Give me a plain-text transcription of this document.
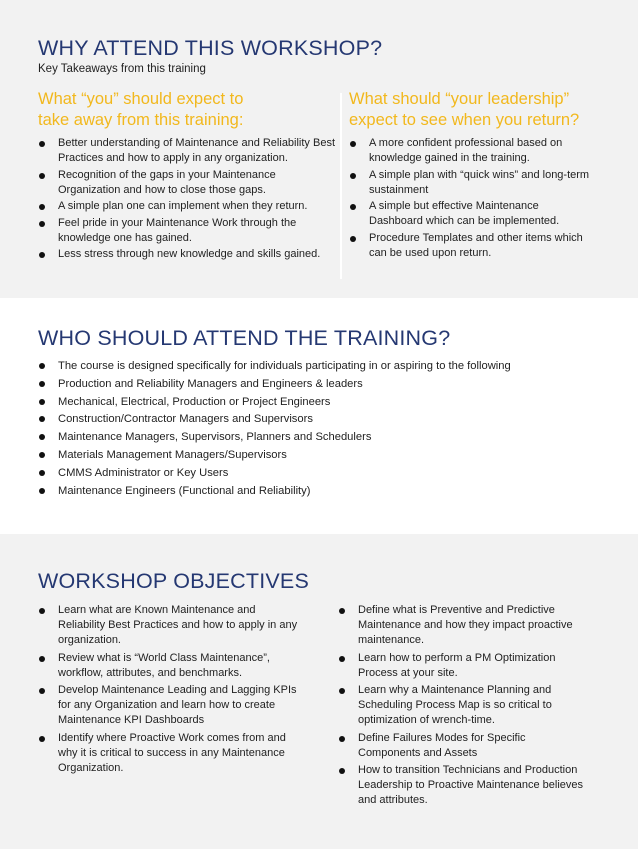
WHY ATTEND THIS WORKSHOP?
Key Takeaways from this training
What “you” should expect to
take away from this training:
What should “your leadership”
expect to see when you return?
Better understanding of Maintenance and Reliability Best Practices and how to apply in any organization.
Recognition of the gaps in your Maintenance Organization and how to close those gaps.
A simple plan one can implement when they return.
Feel pride in your Maintenance Work through the knowledge one has gained.
Less stress through new knowledge and skills gained.
A more confident professional based on knowledge gained in the training.
A simple plan with “quick wins” and long-term sustainment
A simple but effective Maintenance Dashboard which can be implemented.
Procedure Templates and other items which can be used upon return.
WHO SHOULD ATTEND THE TRAINING?
The course is designed specifically for individuals participating in or aspiring to the following
Production and Reliability Managers and Engineers & leaders
Mechanical, Electrical, Production or Project Engineers
Construction/Contractor Managers and Supervisors
Maintenance Managers, Supervisors, Planners and Schedulers
Materials Management Managers/Supervisors
CMMS Administrator or Key Users
Maintenance Engineers (Functional and Reliability)
WORKSHOP OBJECTIVES
Learn what are Known Maintenance and Reliability Best Practices and how to apply in any organization.
Review what is “World Class Maintenance”, workflow, attributes, and benchmarks.
Develop Maintenance Leading and Lagging KPIs for any Organization and learn how to create Maintenance KPI Dashboards
Identify where Proactive Work comes from and why it is critical to success in any Maintenance Organization.
Define what is Preventive and Predictive Maintenance and how they impact proactive maintenance.
Learn how to perform a PM Optimization Process at your site.
Learn why a Maintenance Planning and Scheduling Process Map is so critical to optimization of wrench-time.
Define Failures Modes for Specific Components and Assets
How to transition Technicians and Production Leadership to Proactive Maintenance believes and attributes.
